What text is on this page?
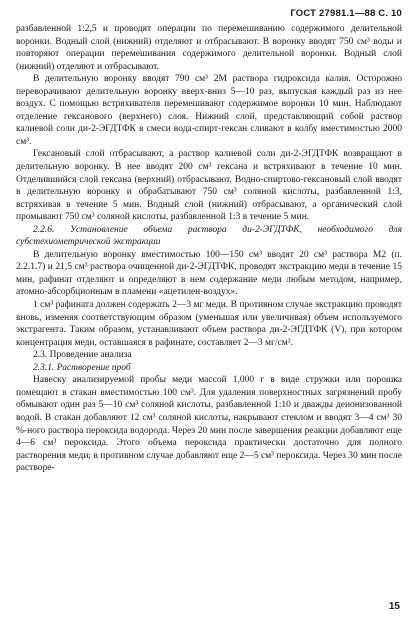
ГОСТ 27981.1—88 С. 10

разбавленной 1:2,5 и проводят операции по перемешиванию содержимого делительной воронки. Водный слой (нижний) отделяют и отбрасывают. В воронку вводят 750 см³ воды и повторяют операции перемешивания содержимого делительной воронки. Водный слой (нижний) отделяют и отбрасывают.

В делительную воронку вводят 790 см³ 2М раствора гидроксида калия. Осторожно переворачивают делительную воронку вверх-вниз 5—10 раз, выпуская каждый раз из нее воздух. С помощью встряхивателя перемешивают содержимое воронки 10 мин. Наблюдают отделение гексанового (верхнего) слоя. Нижний слой, представляющий собой раствор калиевой соли ди-2-ЭГДТФК в смеси вода-спирт-гексан сливают в колбу вместимостью 2000 см³.

Гексановый слой отбрасывают, а раствор калиевой соли ди-2-ЭГДТФК возвращают в делительную воронку. В нее вводят 200 см³ гексана и встряхивают в течение 10 мин. Отделившийся слой гексана (верхний) отбрасывают. Водно-спиртово-гексановый слой вводят в делительную воронку и обрабатывают 750 см³ соляной кислоты, разбавленной 1:3, встряхивая в течение 5 мин. Водный слой (нижний) отбрасывают, а органический слой промывают 750 см³ соляной кислоты, разбавленной 1:3 в течение 5 мин.

2.2.6. Установление объема раствора ди-2-ЭГДТФК, необходимого для субстехиометрической экстракции

В делительную воронку вместимостью 100—150 см³ вводят 20 см³ раствора М2 (п. 2.2.1.7) и 21,5 см³ раствора очищенной ди-2-ЭГДТФК, проводят экстракцию меди в течение 15 мин, рафинат отделяют и определяют в нем содержание меди любым методом, например, атомно-абсорбционным в пламени «ацетилен-воздух».

1 см³ рафината должен содержать 2—3 мг меди. В противном случае экстракцию проводят вновь, изменяя соответствующим образом (уменьшая или увеличивая) объем используемого экстрагента. Таким образом, устанавливают объем раствора ди-2-ЭГДТФК (V), при котором концентрация меди, оставшаяся в рафинате, составляет 2—3 мг/см³.

2.3. Проведение анализа

2.3.1. Растворение проб

Навеску анализируемой пробы меди массой 1,000 г в виде стружки или порошка помещают в стакан вместимостью 100 см³. Для удаления поверхностных загрязнений пробу обмывают один раз 5—10 см³ соляной кислоты, разбавленной 1:10 и дважды деионизованной водой. В стакан добавляют 12 см³ соляной кислоты, накрывают стеклом и вводят 3—4 см³ 30 %-ного раствора пероксида водорода. Через 20 мин после завершения реакции добавляют еще 4—6 см³ пероксида. Этого объема пероксида практически достаточно для полного растворения меди; в противном случае добавляют еще 2—5 см³ пероксида. Через 30 мин после растворе-

15
